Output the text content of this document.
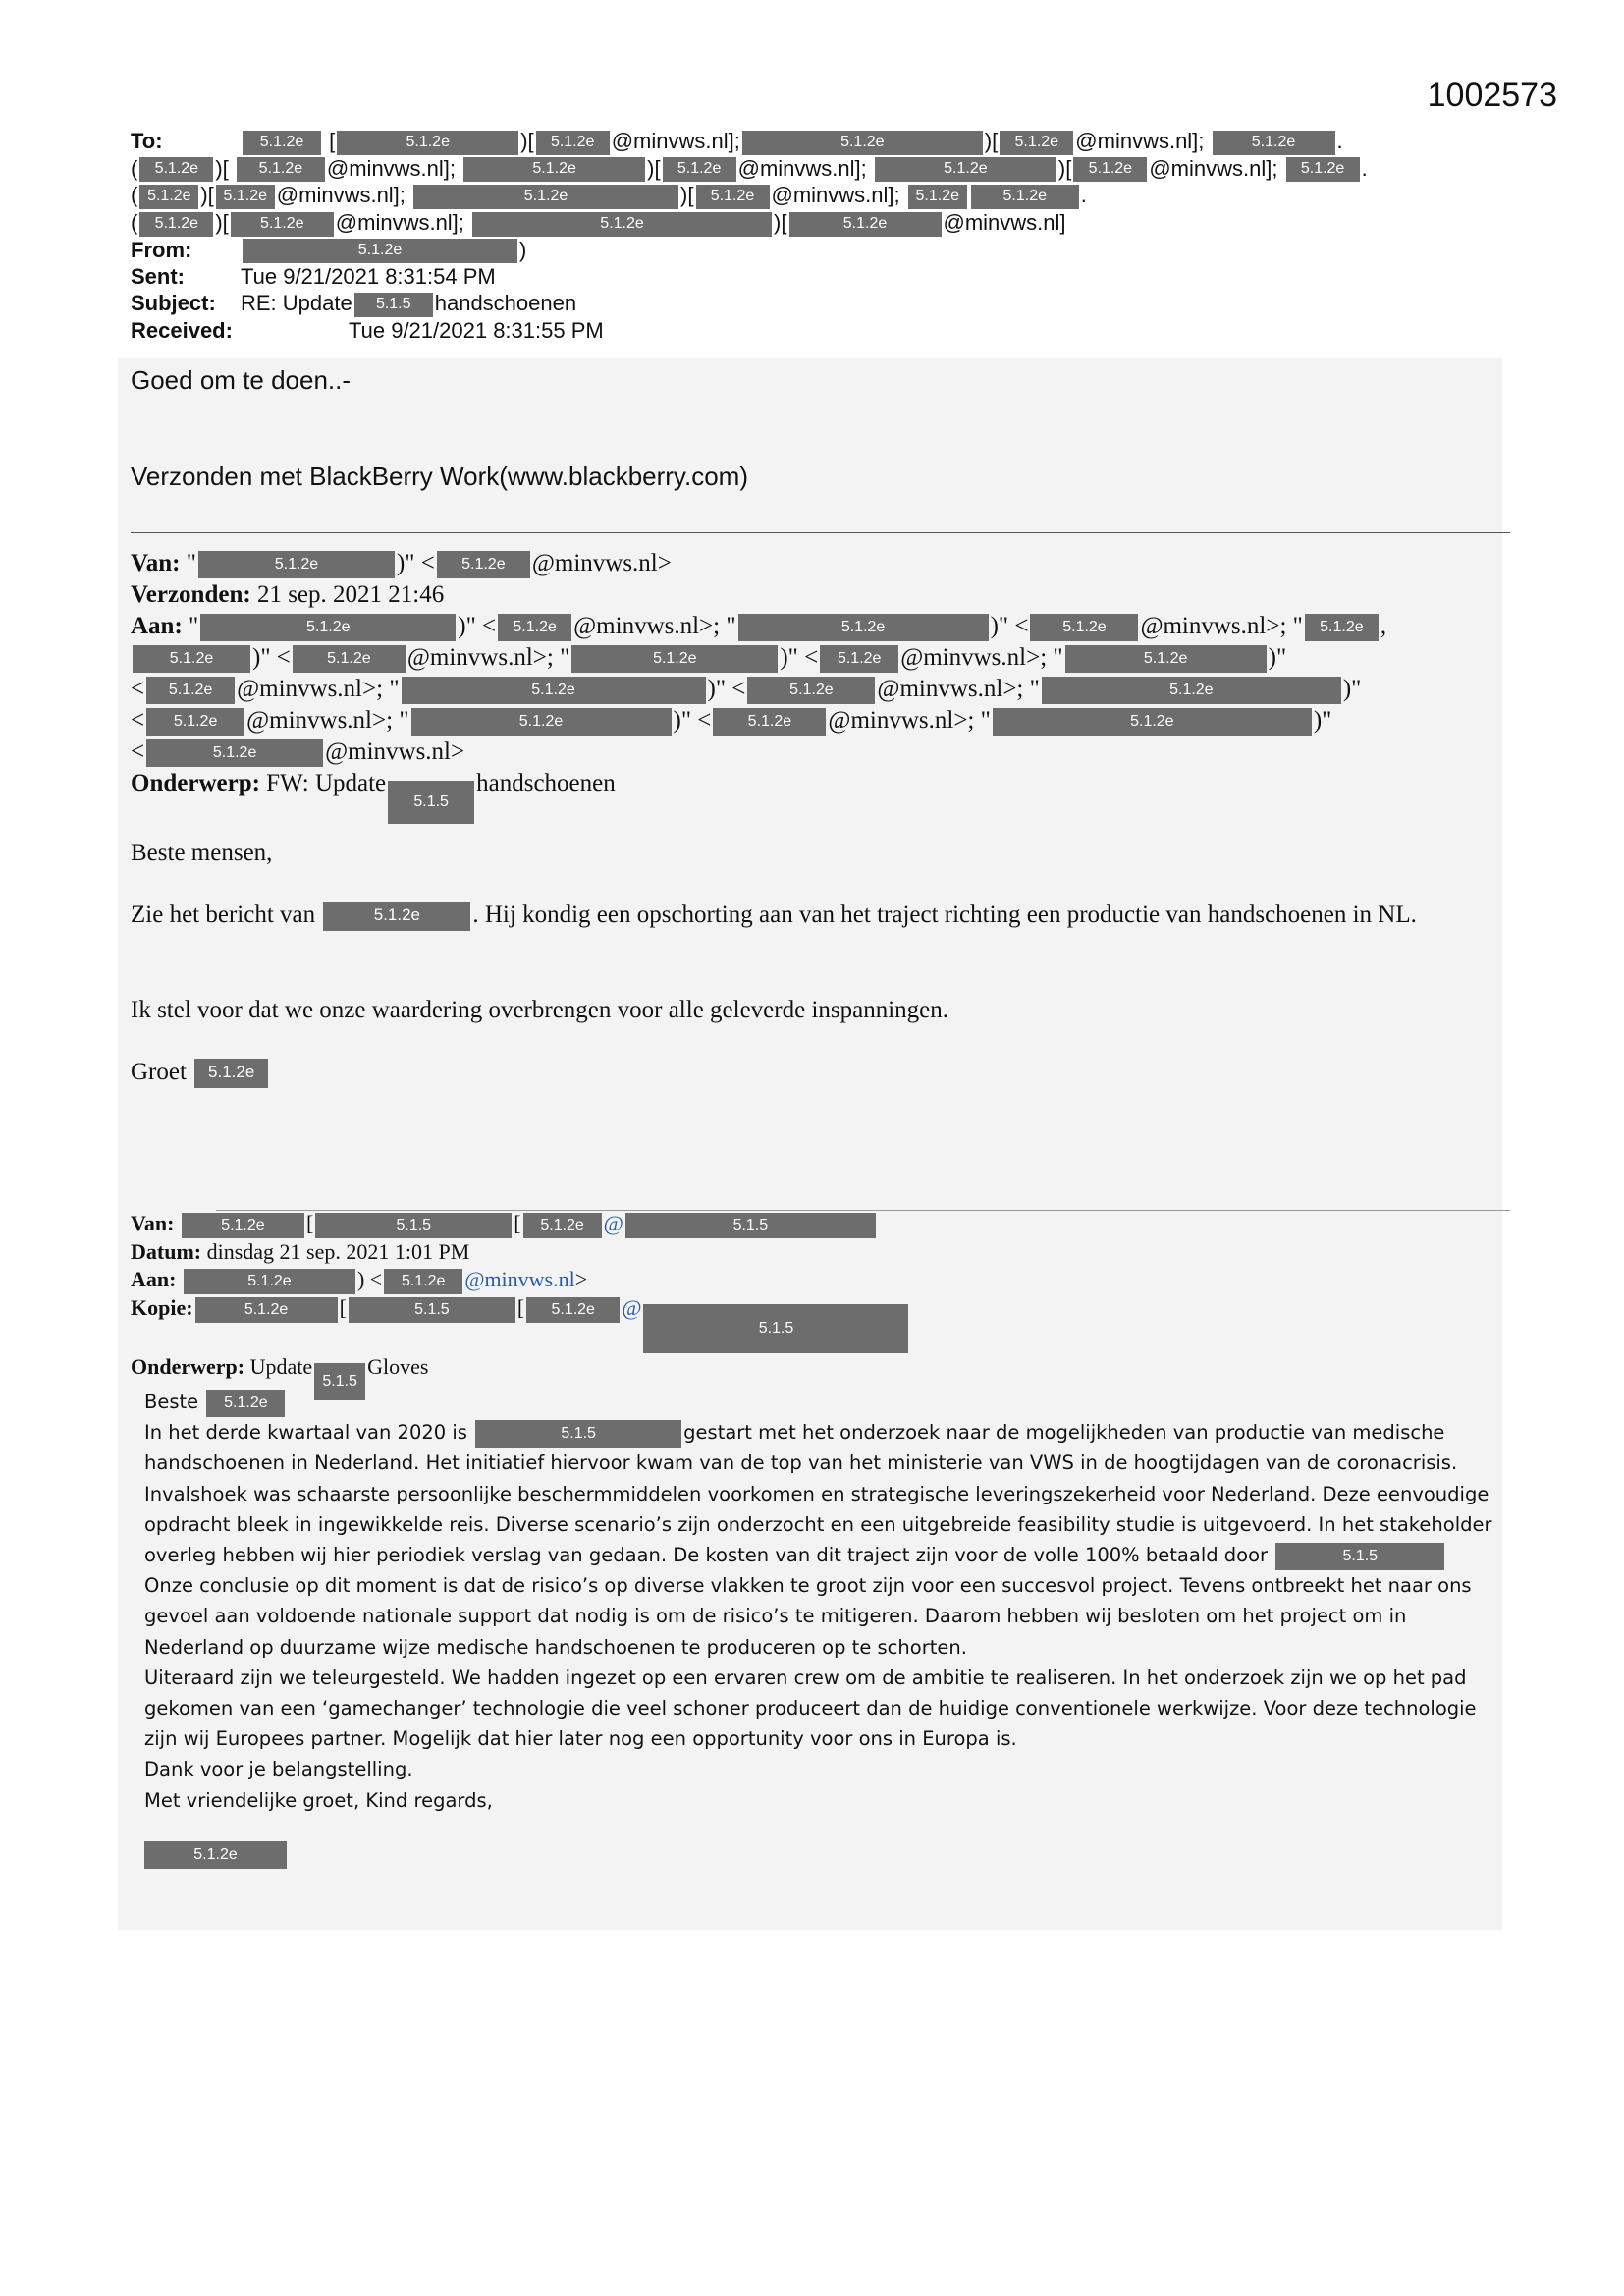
1002573
To:	5.1.2e [	5.1.2e	)[ 5.1.2e @minvws.nl];	5.1.2e	)[ 5.1.2e @minvws.nl];	5.1.2e .
( 5.1.2e )[ 5.1.2e @minvws.nl];	5.1.2e	)[ 5.1.2e @minvws.nl];	5.1.2e	)[ 5.1.2e @minvws.nl]; 5.1.2e .
( 5.1.2e )[ 5.1.2e @minvws.nl];	5.1.2e	)[ 5.1.2e @minvws.nl]; 5.1.2e	5.1.2e .
( 5.1.2e )[ 5.1.2e @minvws.nl];	5.1.2e	)[	5.1.2e	@minvws.nl]
From:	5.1.2e	)
Sent:	Tue 9/21/2021 8:31:54 PM
Subject: RE: Update 5.1.5 handschoenen
Received:	Tue 9/21/2021 8:31:55 PM
Goed om te doen..-
Verzonden met BlackBerry Work(www.blackberry.com)
Van: "	5.1.2e	)" < 5.1.2e @minvws.nl>
Verzonden: 21 sep. 2021 21:46
Aan: "	5.1.2e	)" < 5.1.2e @minvws.nl>; "	5.1.2e	)" < 5.1.2e @minvws.nl>; " 5.1.2e ,
5.1.2e )" < 5.1.2e @minvws.nl>; "	5.1.2e	)" < 5.1.2e @minvws.nl>; "	5.1.2e	)"
< 5.1.2e @minvws.nl>; "	5.1.2e	)" <	5.1.2e @minvws.nl>; "	5.1.2e	)"
< 5.1.2e @minvws.nl>; "	5.1.2e	)" < 5.1.2e @minvws.nl>; "	5.1.2e	)"
<	5.1.2e	@minvws.nl>
Onderwerp: FW: Update5.1.5handschoenen
Beste mensen,
Zie het bericht van	5.1.2e . Hij kondig een opschorting aan van het traject richting een productie van handschoenen in NL.
Ik stel voor dat we onze waardering overbrengen voor alle geleverde inspanningen.
Groet 5.1.2e
Van:	5.1.2e [	5.1.5	[ 5.1.2e @	5.1.5
Datum: dinsdag 21 sep. 2021 1:01 PM
Aan:	5.1.2e	) < 5.1.2e @minvws.nl>
Kopie:	5.1.2e [	5.1.5	[ 5.1.2e @5.1.5
Onderwerp: Update5.1.5Gloves
Beste 5.1.2e
In het derde kwartaal van 2020 is	5.1.5	gestart met het onderzoek naar de mogelijkheden van productie van medische handschoenen in Nederland. Het initiatief hiervoor kwam van de top van het ministerie van VWS in de hoogtijdagen van de coronacrisis. Invalshoek was schaarste persoonlijke beschermmiddelen voorkomen en strategische leveringszekerheid voor Nederland. Deze eenvoudige opdracht bleek in ingewikkelde reis. Diverse scenario’s zijn onderzocht en een uitgebreide feasibility studie is uitgevoerd. In het stakeholder overleg hebben wij hier periodiek verslag van gedaan. De kosten van dit traject zijn voor de volle 100% betaald door	5.1.5
Onze conclusie op dit moment is dat de risico’s op diverse vlakken te groot zijn voor een succesvol project. Tevens ontbreekt het naar ons gevoel aan voldoende nationale support dat nodig is om de risico’s te mitigeren. Daarom hebben wij besloten om het project om in Nederland op duurzame wijze medische handschoenen te produceren op te schorten.
Uiteraard zijn we teleurgesteld. We hadden ingezet op een ervaren crew om de ambitie te realiseren. In het onderzoek zijn we op het pad gekomen van een ‘gamechanger’ technologie die veel schoner produceert dan de huidige conventionele werkwijze. Voor deze technologie zijn wij Europees partner. Mogelijk dat hier later nog een opportunity voor ons in Europa is.
Dank voor je belangstelling.
Met vriendelijke groet, Kind regards,
5.1.2e
